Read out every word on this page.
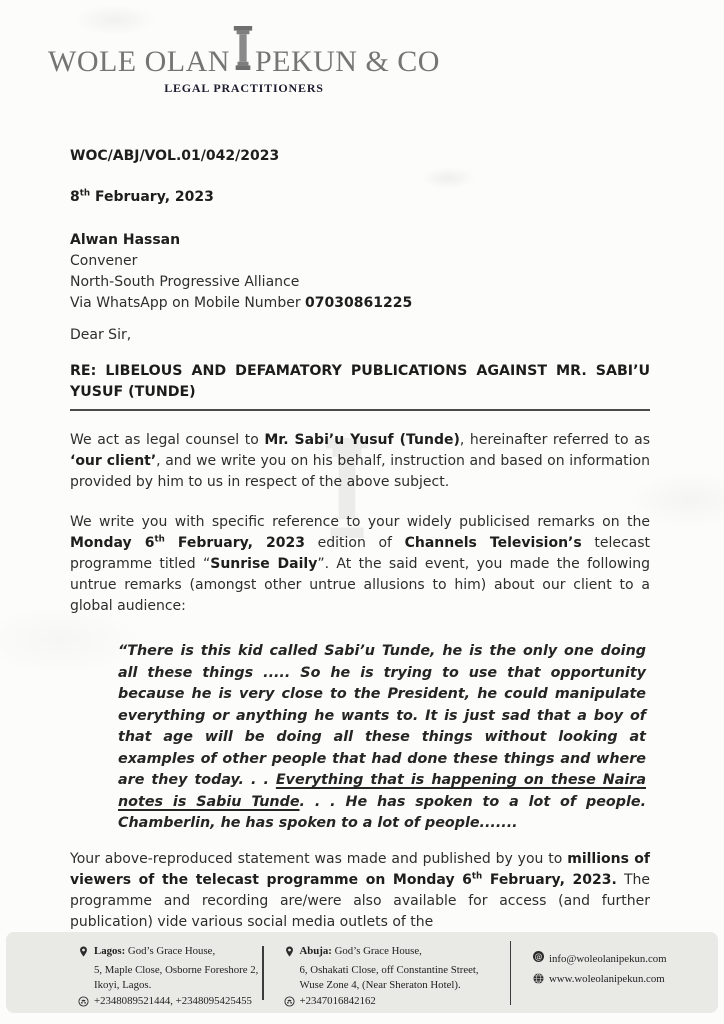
WOLE OLAN PEKUN & CO
LEGAL PRACTITIONERS
WOC/ABJ/VOL.01/042/2023
8th February, 2023
Alwan Hassan
Convener
North-South Progressive Alliance
Via WhatsApp on Mobile Number 07030861225
Dear Sir,
RE: LIBELOUS AND DEFAMATORY PUBLICATIONS AGAINST MR. SABI’U YUSUF (TUNDE)
We act as legal counsel to Mr. Sabi’u Yusuf (Tunde), hereinafter referred to as ‘our client’, and we write you on his behalf, instruction and based on information provided by him to us in respect of the above subject.
We write you with specific reference to your widely publicised remarks on the Monday 6th February, 2023 edition of Channels Television’s telecast programme titled “Sunrise Daily”. At the said event, you made the following untrue remarks (amongst other untrue allusions to him) about our client to a global audience:
“There is this kid called Sabi’u Tunde, he is the only one doing all these things ..... So he is trying to use that opportunity because he is very close to the President, he could manipulate everything or anything he wants to. It is just sad that a boy of that age will be doing all these things without looking at examples of other people that had done these things and where are they today. . . Everything that is happening on these Naira notes is Sabiu Tunde. . . He has spoken to a lot of people. Chamberlin, he has spoken to a lot of people.......
Your above-reproduced statement was made and published by you to millions of viewers of the telecast programme on Monday 6th February, 2023. The programme and recording are/were also available for access (and further publication) vide various social media outlets of the
Lagos: God’s Grace House,
5, Maple Close, Osborne Foreshore 2,
Ikoyi, Lagos.
+2348089521444, +2348095425455
Abuja: God’s Grace House,
6, Oshakati Close, off Constantine Street,
Wuse Zone 4, (Near Sheraton Hotel).
+2347016842162
@ info@woleolanipekun.com
www.woleolanipekun.com
